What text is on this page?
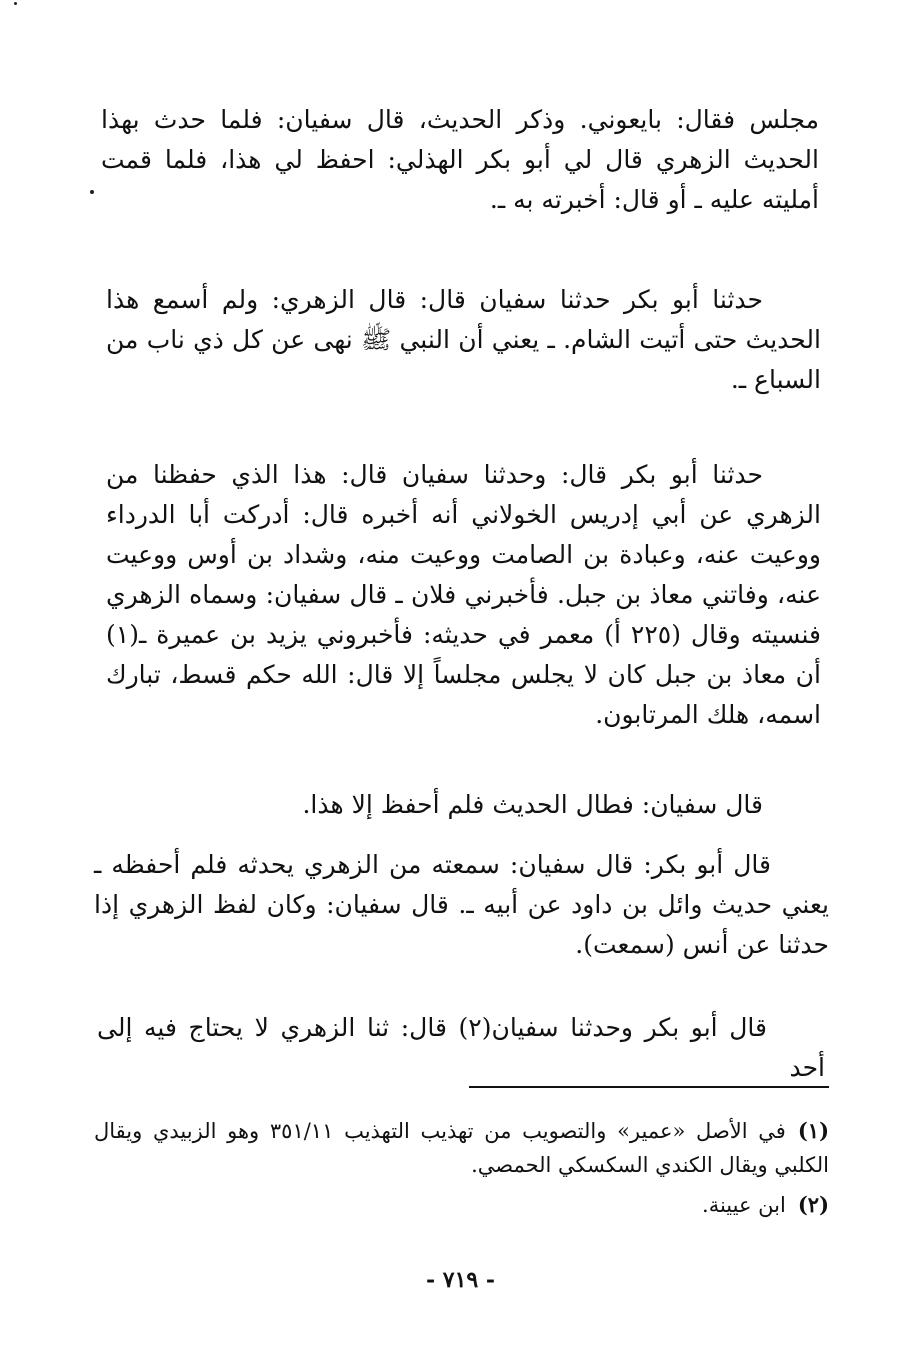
مجلس فقال: بايعوني. وذكر الحديث، قال سفيان: فلما حدث بهذا الحديث الزهري قال لي أبو بكر الهذلي: احفظ لي هذا، فلما قمت أمليته عليه ـ أو قال: أخبرته به ـ.

حدثنا أبو بكر حدثنا سفيان قال: قال الزهري: ولم أسمع هذا الحديث حتى أتيت الشام. ـ يعني أن النبي ﷺ نهى عن كل ذي ناب من السباع ـ.

حدثنا أبو بكر قال: وحدثنا سفيان قال: هذا الذي حفظنا من الزهري عن أبي إدريس الخولاني أنه أخبره قال: أدركت أبا الدرداء ووعيت عنه، وعبادة بن الصامت ووعيت منه، وشداد بن أوس ووعيت عنه، وفاتني معاذ بن جبل. فأخبرني فلان ـ قال سفيان: وسماه الزهري فنسيته وقال (٢٢٥ أ) معمر في حديثه: فأخبروني يزيد بن عميرة ـ(١) أن معاذ بن جبل كان لا يجلس مجلساً إلا قال: الله حكم قسط، تبارك اسمه، هلك المرتابون.

قال سفيان: فطال الحديث فلم أحفظ إلا هذا.

قال أبو بكر: قال سفيان: سمعته من الزهري يحدثه فلم أحفظه ـ يعني حديث وائل بن داود عن أبيه ـ. قال سفيان: وكان لفظ الزهري إذا حدثنا عن أنس (سمعت).

قال أبو بكر وحدثنا سفيان(٢) قال: ثنا الزهري لا يحتاج فيه إلى أحد

(١)في الأصل «عمير» والتصويب من تهذيب التهذيب ٣٥١/١١ وهو الزبيدي ويقال الكلبي ويقال الكندي السكسكي الحمصي.

(٢)ابن عيينة.

- ٧١٩ -
